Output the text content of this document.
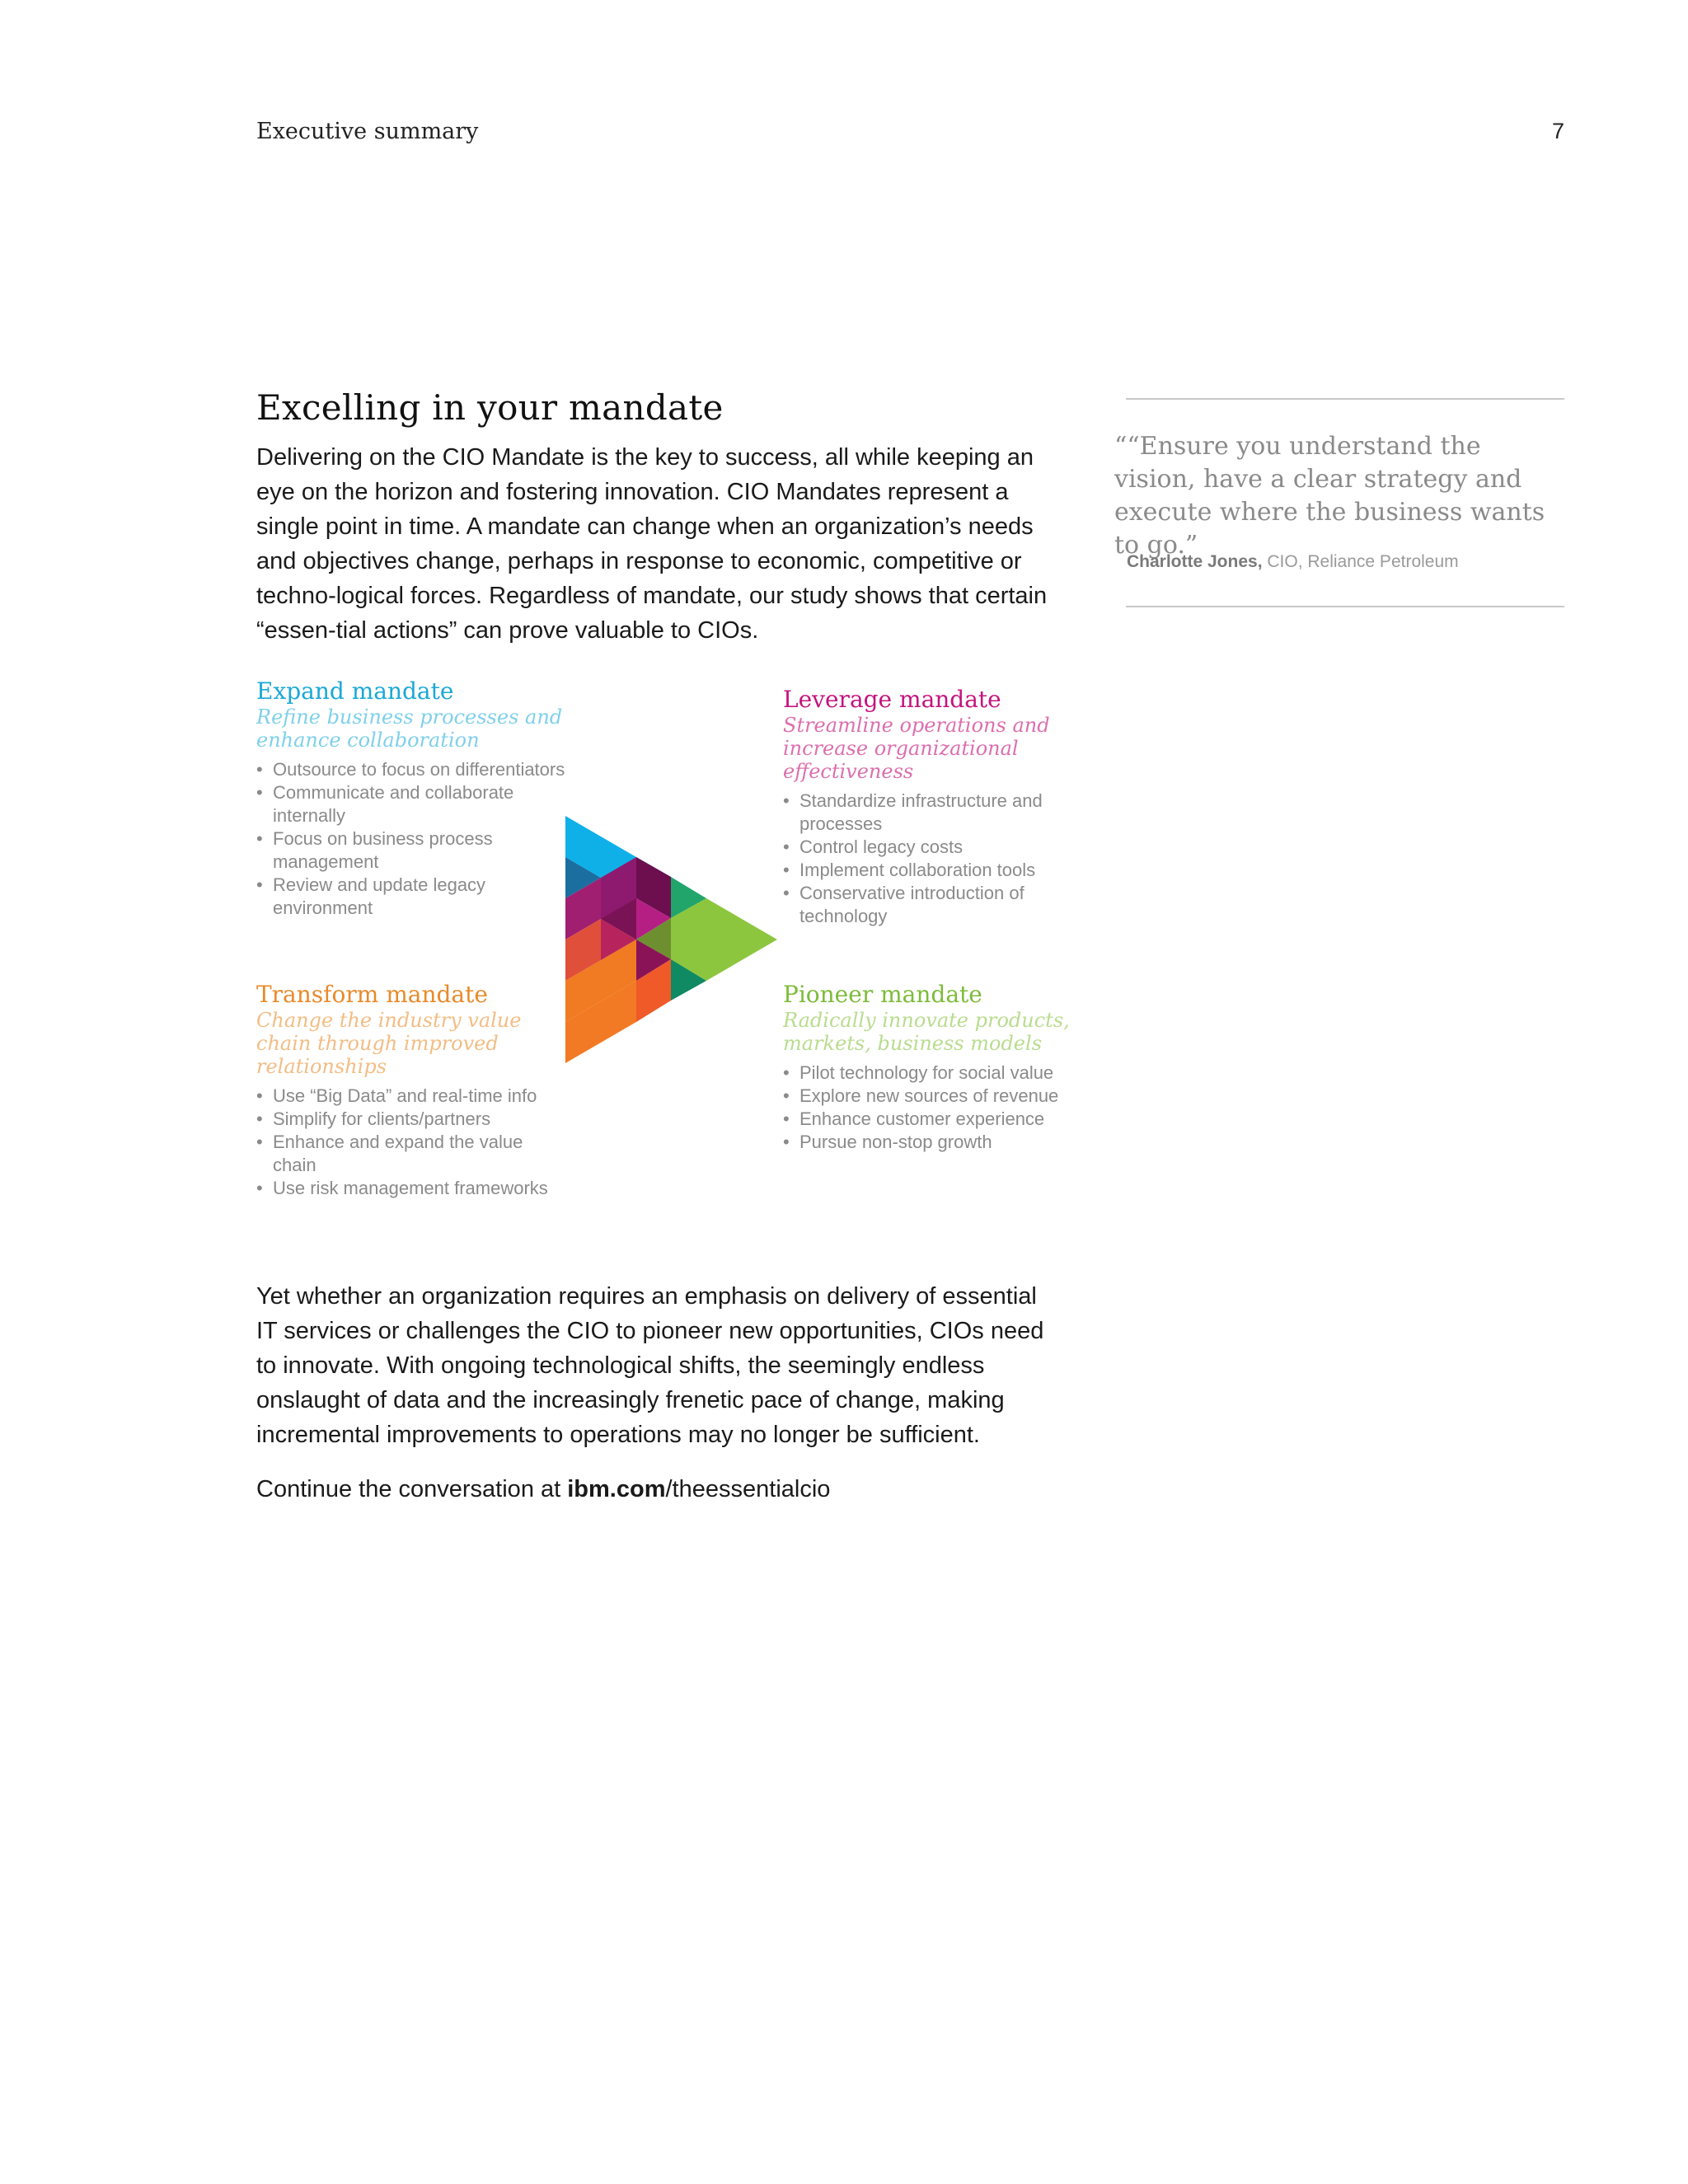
Executive summary	7
Excelling in your mandate

Delivering on the CIO Mandate is the key to success, all while keeping an eye on the horizon and fostering innovation. CIO Mandates represent a single point in time. A mandate can change when an organization’s needs and objectives change, perhaps in response to economic, competitive or techno-logical forces. Regardless of mandate, our study shows that certain “essen-tial actions” can prove valuable to CIOs.

““Ensure you understand the vision, have a clear strategy and execute where the business wants to go.”
Charlotte Jones, CIO, Reliance Petroleum
Expand mandate
Refine business processes and enhance collaboration
• Outsource to focus on differentiators
• Communicate and collaborate internally
• Focus on business process management
• Review and update legacy environment
Leverage mandate
Streamline operations and increase organizational effectiveness
• Standardize infrastructure and processes
• Control legacy costs
• Implement collaboration tools
• Conservative introduction of technology
Transform mandate
Change the industry value chain through improved relationships
• Use “Big Data” and real-time info
• Simplify for clients/partners
• Enhance and expand the value chain
• Use risk management frameworks
Pioneer mandate
Radically innovate products, markets, business models
• Pilot technology for social value
• Explore new sources of revenue
• Enhance customer experience
• Pursue non-stop growth

Yet whether an organization requires an emphasis on delivery of essential IT services or challenges the CIO to pioneer new opportunities, CIOs need to innovate. With ongoing technological shifts, the seemingly endless onslaught of data and the increasingly frenetic pace of change, making incremental improvements to operations may no longer be sufficient.

Continue the conversation at ibm.com/theessentialcio
